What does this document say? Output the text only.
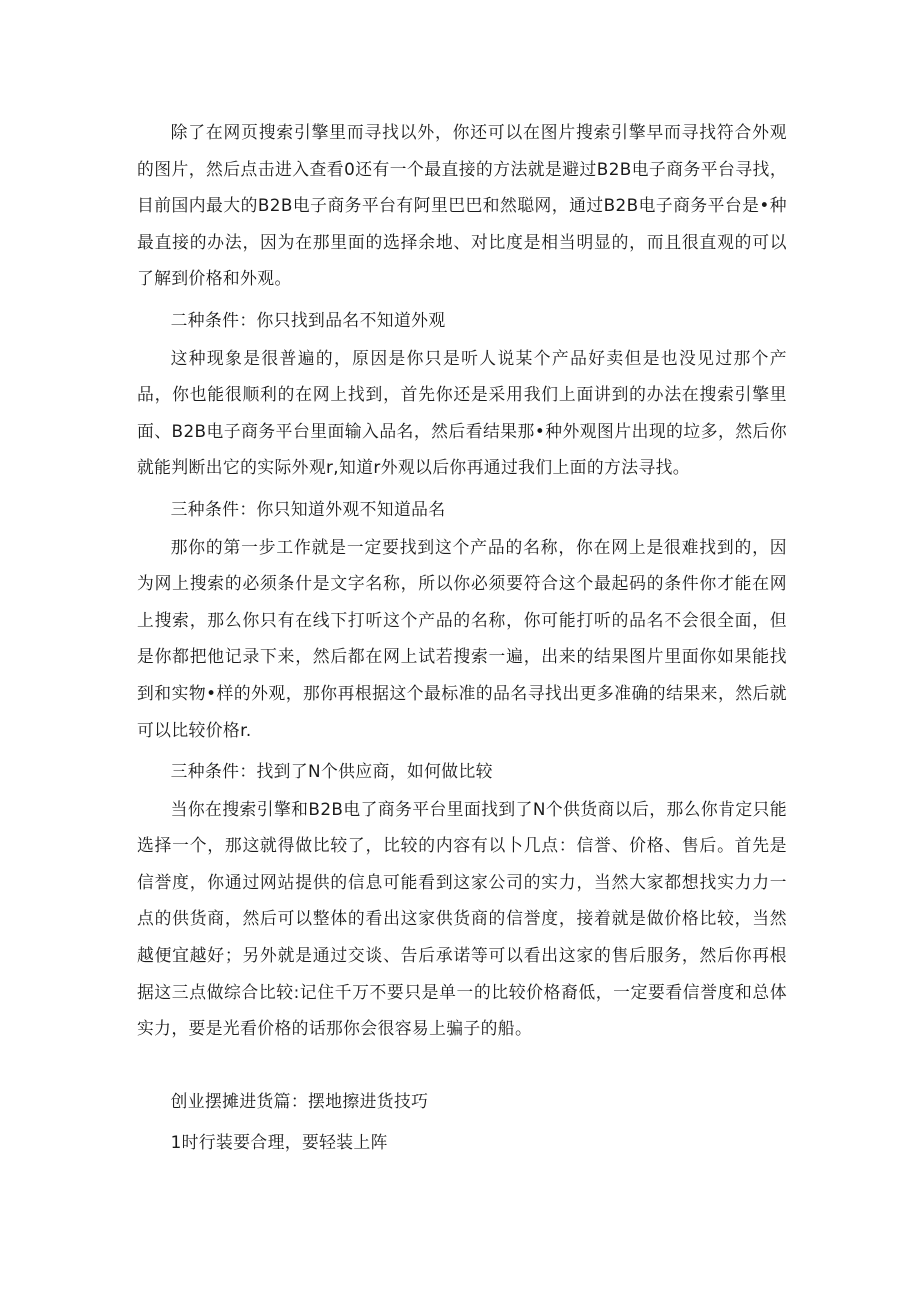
除了在网页搜索引擎里而寻找以外，你还可以在图片搜索引擎早而寻找符合外观的图片，然后点击进入查看0还有一个最直接的方法就是避过B2B电子商务平台寻找，目前国内最大的B2B电子商务平台有阿里巴巴和然聪网，通过B2B电子商务平台是•种最直接的办法，因为在那里面的选择余地、对比度是相当明显的，而且很直观的可以了解到价格和外观。

二种条件：你只找到品名不知道外观

这种现象是很普遍的，原因是你只是听人说某个产品好卖但是也没见过那个产品，你也能很顺利的在网上找到，首先你还是采用我们上面讲到的办法在搜索引擎里面、B2B电子商务平台里面输入品名，然后看结果那•种外观图片出现的垃多，然后你就能判断出它的实际外观r,知道r外观以后你再通过我们上面的方法寻找。

三种条件：你只知道外观不知道品名

那你的第一步工作就是一定要找到这个产品的名称，你在网上是很难找到的，因为网上搜索的必须条什是文字名称，所以你必须要符合这个最起码的条件你才能在网上搜索，那么你只有在线下打听这个产品的名称，你可能打听的品名不会很全面，但是你都把他记录下来，然后都在网上试若搜索一遍，出来的结果图片里面你如果能找到和实物•样的外观，那你再根据这个最标准的品名寻找出更多准确的结果来，然后就可以比较价格r.

三种条件：找到了N个供应商，如何做比较

当你在搜索引擎和B2B电了商务平台里面找到了N个供货商以后，那么你肯定只能选择一个，那这就得做比较了，比较的内容有以卜几点：信誉、价格、售后。首先是信誉度，你通过网站提供的信息可能看到这家公司的实力，当然大家都想找实力力一点的供货商，然后可以整体的看出这家供货商的信誉度，接着就是做价格比较，当然越便宜越好；另外就是通过交谈、告后承诺等可以看出这家的售后服务，然后你再根据这三点做综合比较:记住千万不要只是单一的比较价格裔低，一定要看信誉度和总体实力，要是光看价格的话那你会很容易上骗子的船。

创业摆摊进货篇：摆地擦进货技巧

1时行装要合理，要轻装上阵
